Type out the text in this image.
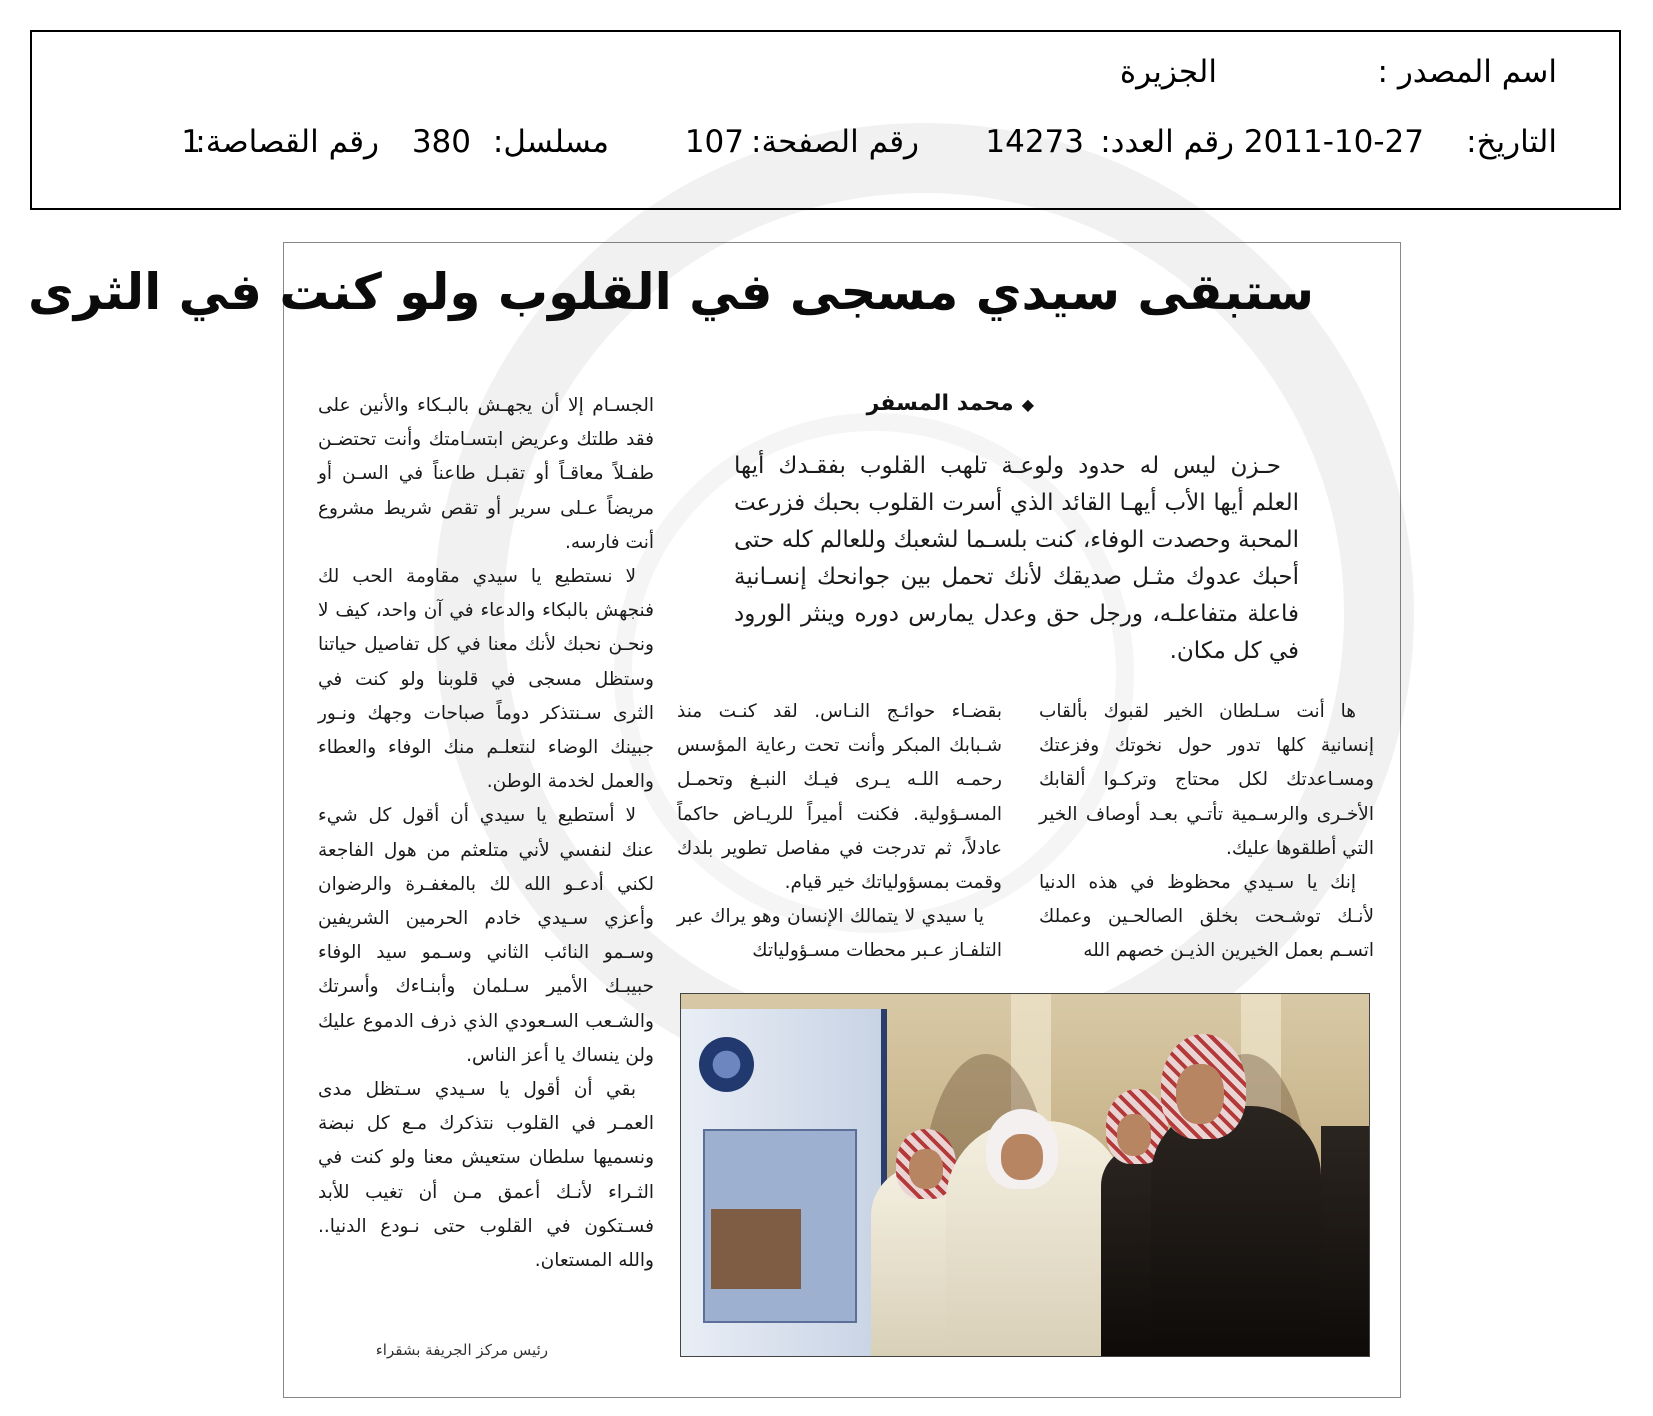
اسم المصدر :
الجزيرة
التاريخ:
2011-10-27
رقم العدد:
14273
رقم الصفحة:
107
مسلسل:
380
رقم القصاصة:
1
ستبقى سيدي مسجى في القلوب ولو كنت في الثرى
◆محمد المسفر

حـزن ليس له حدود ولوعـة تلهب القلوب بفقـدك أيها العلم أيها الأب أيهـا القائد الذي أسرت القلوب بحبك فزرعت المحبة وحصدت الوفاء، كنت بلسـما لشعبك وللعالم كله حتى أحبك عدوك مثـل صديقك لأنك تحمل بين جوانحك إنسـانية فاعلة متفاعلـه، ورجل حق وعدل يمارس دوره وينثر الورود في كل مكان.

ها أنت سـلطان الخير لقبوك بألقاب إنسانية كلها تدور حول نخوتك وفزعتك ومسـاعدتك لكل محتاج وتركـوا ألقابك الأخـرى والرسـمية تأتـي بعـد أوصاف الخير التي أطلقوها عليك.

إنك يا سـيدي محظوظ في هذه الدنيا لأنـك توشـحت بخلق الصالحـين وعملك اتسـم بعمل الخيرين الذيـن خصهم الله

بقضـاء حوائـج النـاس. لقد كنـت منذ شـبابك المبكر وأنت تحت رعاية المؤسس رحمـه اللـه يـرى فيـك النبـغ وتحمـل المسـؤولية. فكنت أميراً للريـاض حاكماً عادلاً، ثم تدرجت في مفاصل تطوير بلدك وقمت بمسؤولياتك خير قيام.

يا سيدي لا يتمالك الإنسان وهو يراك عبر التلفـاز عـبر محطات مسـؤولياتك

الجسـام إلا أن يجهـش بالبـكاء والأنين على فقد طلتك وعريض ابتسـامتك وأنت تحتضـن طفـلاً معاقـاً أو تقبـل طاعناً في السـن أو مريضاً عـلى سرير أو تقص شريط مشروع أنت فارسه.

لا نستطيع يا سيدي مقاومة الحب لك فنجهش بالبكاء والدعاء في آن واحد، كيف لا ونحـن نحبك لأنك معنا في كل تفاصيل حياتنا وستظل مسجى في قلوبنا ولو كنت في الثرى سـنتذكر دوماً صباحات وجهك ونـور جبينك الوضاء لنتعلـم منك الوفاء والعطاء والعمل لخدمة الوطن.

لا أستطيع يا سيدي أن أقول كل شيء عنك لنفسي لأني متلعثم من هول الفاجعة لكني أدعـو الله لك بالمغفـرة والرضوان وأعزي سـيدي خادم الحرمين الشريفين وسـمو النائب الثاني وسـمو سيد الوفاء حبيبـك الأمير سـلمان وأبنـاءك وأسرتك والشـعب السـعودي الذي ذرف الدموع عليك ولن ينساك يا أعز الناس.

بقي أن أقول يا سـيدي سـتظل مدى العمـر في القلوب نتذكرك مـع كل نبضة ونسميها سلطان ستعيش معنا ولو كنت في الثـراء لأنـك أعمق مـن أن تغيب للأبد فسـتكون في القلوب حتى نـودع الدنيا.. والله المستعان.

رئيس مركز الجريفة بشقراء
